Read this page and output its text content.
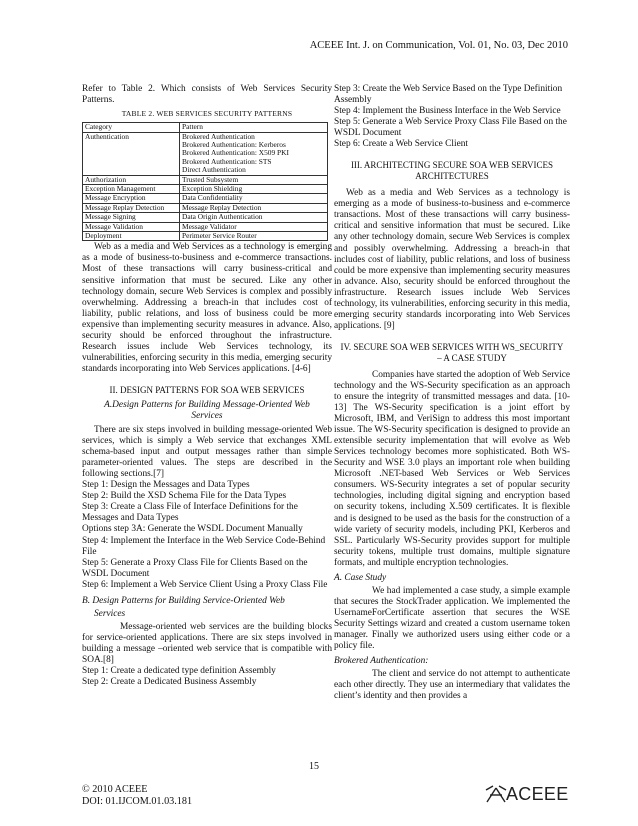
ACEEE Int. J. on Communication, Vol. 01, No. 03, Dec 2010

Refer to Table 2. Which consists of Web Services Security Patterns.

TABLE 2. WEB SERVICES SECURITY PATTERNS
Category	Pattern
Authentication	Brokered Authentication
Brokered Authentication: Kerberos
Brokered Authentication: X509 PKI
Brokered Authentication: STS
Direct Authentication
Authorization	Trusted Subsystem
Exception Management	Exception Shielding
Message Encryption	Data Confidentiality
Message Replay Detection	Message Replay Detection
Message Signing	Data Origin Authentication
Message Validation	Message Validator
Deployment	Perimeter Service Router

Web as a media and Web Services as a technology is emerging as a mode of business-to-business and e-commerce transactions. Most of these transactions will carry business-critical and sensitive information that must be secured. Like any other technology domain, secure Web Services is complex and possibly overwhelming. Addressing a breach-in that includes cost of liability, public relations, and loss of business could be more expensive than implementing security measures in advance. Also, security should be enforced throughout the infrastructure. Research issues include Web Services technology, its vulnerabilities, enforcing security in this media, emerging security standards incorporating into Web Services applications. [4-6]

II. DESIGN PATTERNS FOR SOA WEB SERVICES
A.Design Patterns for Building Message-Oriented Web
Services

There are six steps involved in building message-oriented Web services, which is simply a Web service that exchanges XML schema-based input and output messages rather than simple parameter-oriented values. The steps are described in the following sections.[7]

Step 1: Design the Messages and Data Types

Step 2: Build the XSD Schema File for the Data Types

Step 3: Create a Class File of Interface Definitions for the Messages and Data Types

Options step 3A: Generate the WSDL Document Manually

Step 4: Implement the Interface in the Web Service Code-Behind File

Step 5: Generate a Proxy Class File for Clients Based on the WSDL Document

Step 6: Implement a Web Service Client Using a Proxy Class File

B. Design Patterns for Building Service-Oriented Web
Services

Message-oriented web services are the building blocks for service-oriented applications. There are six steps involved in building a message –oriented web service that is compatible with SOA.[8]

Step 1: Create a dedicated type definition Assembly

Step 2: Create a Dedicated Business Assembly

Step 3: Create the Web Service Based on the Type Definition Assembly

Step 4: Implement the Business Interface in the Web Service

Step 5: Generate a Web Service Proxy Class File Based on the WSDL Document

Step 6: Create a Web Service Client

III. ARCHITECTING SECURE SOA WEB SERVICES
ARCHITECTURES

Web as a media and Web Services as a technology is emerging as a mode of business-to-business and e-commerce transactions. Most of these transactions will carry business-critical and sensitive information that must be secured. Like any other technology domain, secure Web Services is complex and possibly overwhelming. Addressing a breach-in that includes cost of liability, public relations, and loss of business could be more expensive than implementing security measures in advance. Also, security should be enforced throughout the infrastructure. Research issues include Web Services technology, its vulnerabilities, enforcing security in this media, emerging security standards incorporating into Web Services applications. [9]

IV. SECURE SOA WEB SERVICES WITH WS_SECURITY
– A CASE STUDY

Companies have started the adoption of Web Service technology and the WS-Security specification as an approach to ensure the integrity of transmitted messages and data. [10-13] The WS-Security specification is a joint effort by Microsoft, IBM, and VeriSign to address this most important issue. The WS-Security specification is designed to provide an extensible security implementation that will evolve as Web Services technology becomes more sophisticated. Both WS-Security and WSE 3.0 plays an important role when building Microsoft .NET-based Web Services or Web Services consumers. WS-Security integrates a set of popular security technologies, including digital signing and encryption based on security tokens, including X.509 certificates. It is flexible and is designed to be used as the basis for the construction of a wide variety of security models, including PKI, Kerberos and SSL. Particularly WS-Security provides support for multiple security tokens, multiple trust domains, multiple signature formats, and multiple encryption technologies.

A. Case Study

We had implemented a case study, a simple example that secures the StockTrader application. We implemented the UsernameForCertificate assertion that secures the WSE Security Settings wizard and created a custom username token manager. Finally we authorized users using either code or a policy file.

Brokered Authentication:

The client and service do not attempt to authenticate each other directly. They use an intermediary that validates the client’s identity and then provides a

15
© 2010 ACEEE
DOI: 01.IJCOM.01.03.181	ACEEE
